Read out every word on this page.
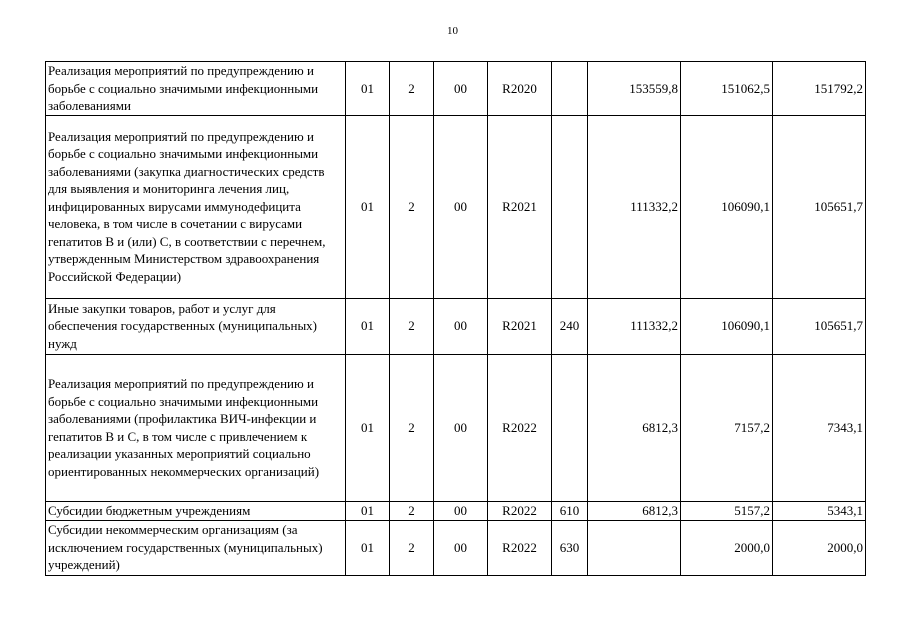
10
Реализация мероприятий по предупреждению и борьбе с социально значимыми инфекционными заболеваниями	01	2	00	R2020		153559,8	151062,5	151792,2
Реализация мероприятий по предупреждению и борьбе с социально значимыми инфекционными заболеваниями (закупка диагностических средств для выявления и мониторинга лечения лиц, инфицированных вирусами иммунодефицита человека, в том числе в сочетании с вирусами гепатитов B и (или) C, в соответствии с перечнем, утвержденным Министерством здравоохранения Российской Федерации)	01	2	00	R2021		111332,2	106090,1	105651,7
Иные закупки товаров, работ и услуг для обеспечения государственных (муниципальных) нужд	01	2	00	R2021	240	111332,2	106090,1	105651,7
Реализация мероприятий по предупреждению и борьбе с социально значимыми инфекционными заболеваниями (профилактика ВИЧ-инфекции и гепатитов B и C, в том числе с привлечением к реализации указанных мероприятий социально ориентированных некоммерческих организаций)	01	2	00	R2022		6812,3	7157,2	7343,1
Субсидии бюджетным учреждениям	01	2	00	R2022	610	6812,3	5157,2	5343,1
Субсидии некоммерческим организациям (за исключением государственных (муниципальных) учреждений)	01	2	00	R2022	630		2000,0	2000,0
